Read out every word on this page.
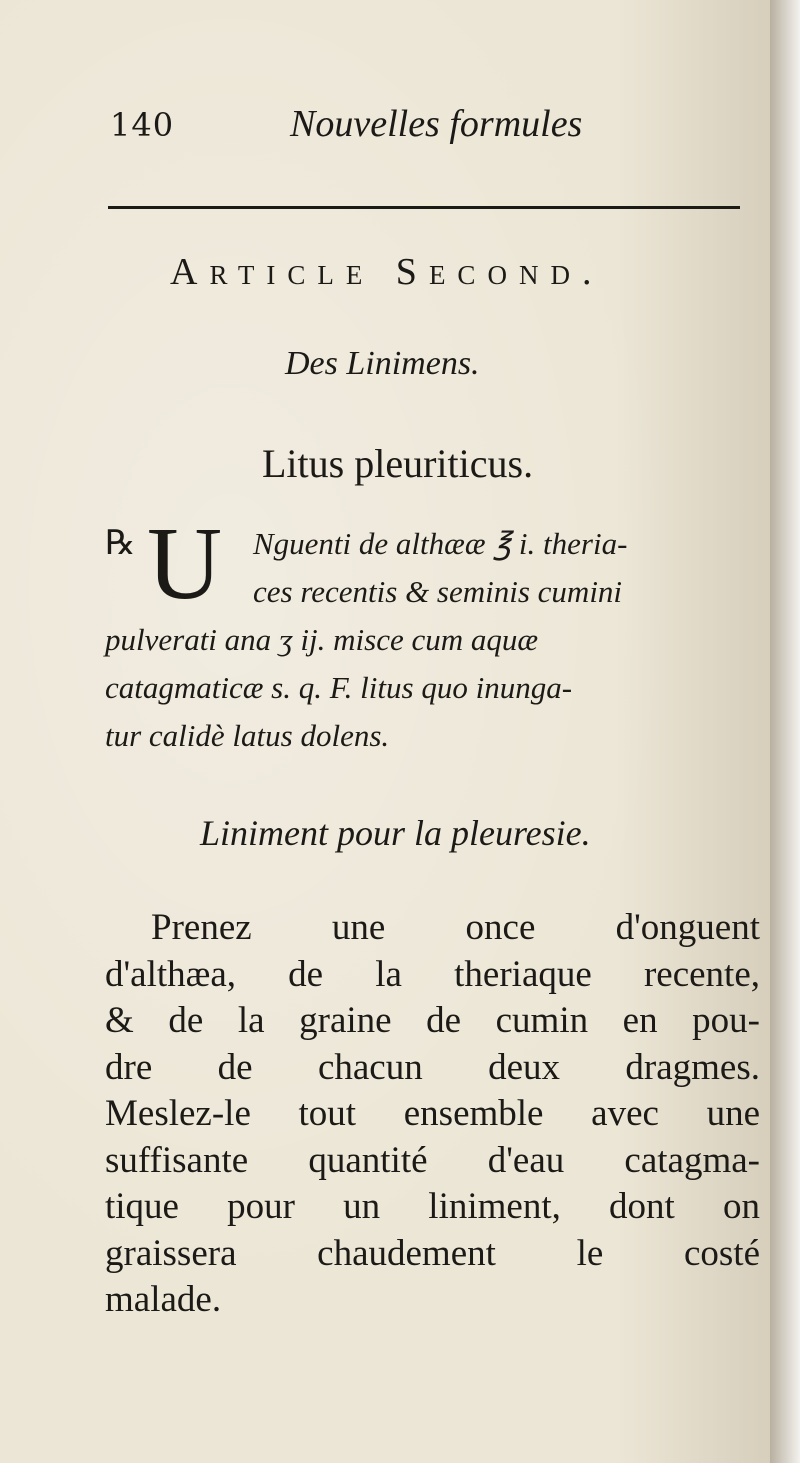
140	Nouvelles formules
Article Second.
Des Linimens.
Litus pleuriticus.
℞ U Nguenti de althææ ℥ i. theria-
ces recentis & seminis cumini
pulverati ana ʒ ij. misce cum aquæ
catagmaticæ s. q. F. litus quo inunga-
tur calidè latus dolens.
Liniment pour la pleuresie.
Prenez une once d'onguent
d'althæa, de la theriaque recente,
& de la graine de cumin en pou-
dre de chacun deux dragmes.
Meslez-le tout ensemble avec une
suffisante quantité d'eau catagma-
tique pour un liniment, dont on
graissera chaudement le costé
malade.
